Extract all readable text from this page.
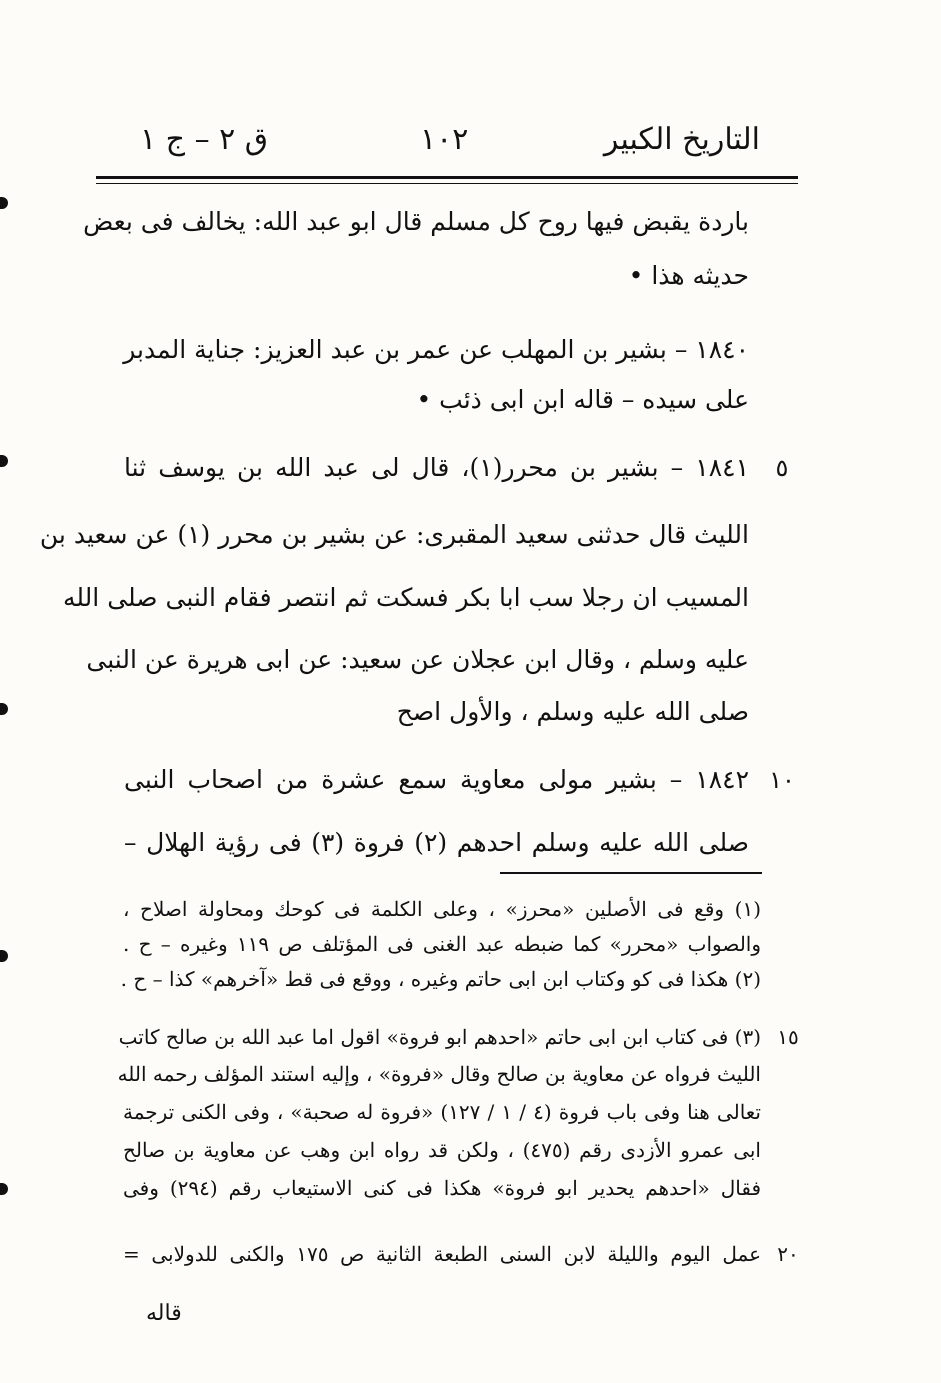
التاريخ الكبير
١٠٢
ق ٢ – ج ١
باردة يقبض فيها روح كل مسلم قال ابو عبد الله: يخالف فى بعض
حديثه هذا •
١٨٤٠ – بشير بن المهلب عن عمر بن عبد العزيز: جناية المدبر
على سيده – قاله ابن ابى ذئب •
١٨٤١ – بشير بن محرر(١)، قال لى عبد الله بن يوسف ثنا
الليث قال حدثنى سعيد المقبرى: عن بشير بن محرر (١) عن سعيد بن
المسيب ان رجلا سب ابا بكر فسكت ثم انتصر فقام النبى صلى الله
عليه وسلم ، وقال ابن عجلان عن سعيد: عن ابى هريرة عن النبى
صلى الله عليه وسلم ، والأول اصح
١٨٤٢ – بشير مولى معاوية سمع عشرة من اصحاب النبى
صلى الله عليه وسلم احدهم (٢) فروة (٣) فى رؤية الهلال –
٥
١٠
(١) وقع فى الأصلين «محرز» ، وعلى الكلمة فى كوحك ومحاولة اصلاح ،
والصواب «محرر» كما ضبطه عبد الغنى فى المؤتلف ص ١١٩ وغيره – ح .
(٢) هكذا فى كو وكتاب ابن ابى حاتم وغيره ، ووقع فى قط «آخرهم» كذا – ح .
(٣) فى كتاب ابن ابى حاتم «احدهم ابو فروة» اقول اما عبد الله بن صالح كاتب
الليث فرواه عن معاوية بن صالح وقال «فروة» ، وإليه استند المؤلف رحمه الله
تعالى هنا وفى باب فروة (٤ / ١ / ١٢٧) «فروة له صحبة» ، وفى الكنى ترجمة
ابى عمرو الأزدى رقم (٤٧٥) ، ولكن قد رواه ابن وهب عن معاوية بن صالح
فقال «احدهم يحدير ابو فروة» هكذا فى كنى الاستيعاب رقم (٢٩٤) وفى
عمل اليوم والليلة لابن السنى الطبعة الثانية ص ١٧٥ والكنى للدولابى =
١٥
٢٠
قاله
